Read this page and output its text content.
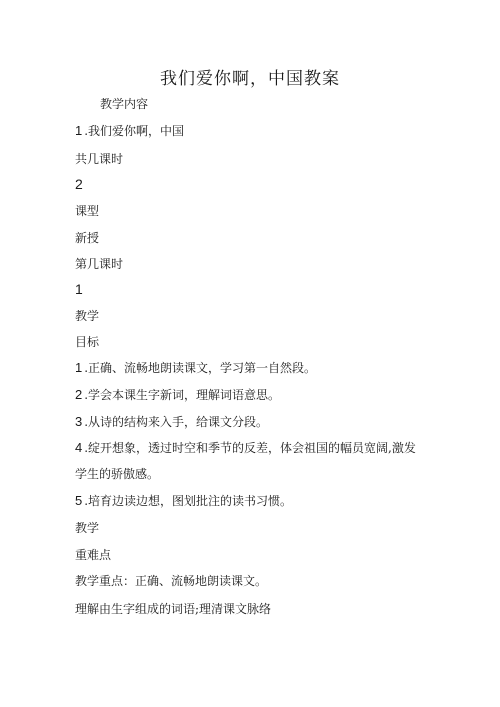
我们爱你啊，中国教案
教学内容
1 .我们爱你啊，中国
共几课时
2
课型
新授
第几课时
1
教学
目标
1 .正确、流畅地朗读课文，学习第一自然段。
2 .学会本课生字新词，理解词语意思。
3 .从诗的结构来入手，给课文分段。
4 .绽开想象，透过时空和季节的反差，体会祖国的幅员宽阔,激发
学生的骄傲感。
5 .培育边读边想，图划批注的读书习惯。
教学
重难点
教学重点：正确、流畅地朗读课文。
理解由生字组成的词语;理清课文脉络
